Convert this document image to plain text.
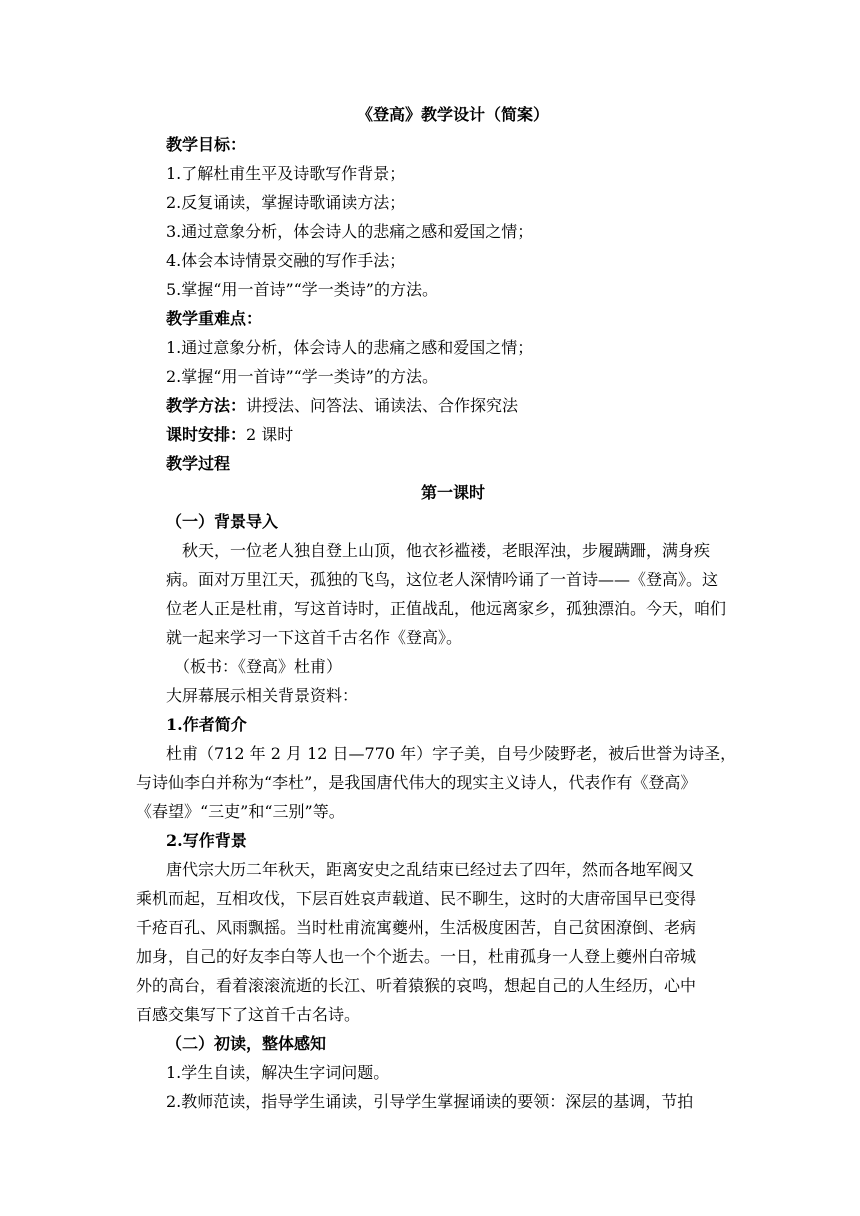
《登高》教学设计（简案）
教学目标：
1.了解杜甫生平及诗歌写作背景；
2.反复诵读，掌握诗歌诵读方法；
3.通过意象分析，体会诗人的悲痛之感和爱国之情；
4.体会本诗情景交融的写作手法；
5.掌握“用一首诗”“学一类诗”的方法。
教学重难点：
1.通过意象分析，体会诗人的悲痛之感和爱国之情；
2.掌握“用一首诗”“学一类诗”的方法。
教学方法：讲授法、问答法、诵读法、合作探究法
课时安排：2 课时
教学过程
第一课时
（一）背景导入
秋天，一位老人独自登上山顶，他衣衫褴褛，老眼浑浊，步履蹒跚，满身疾
病。面对万里江天，孤独的飞鸟，这位老人深情吟诵了一首诗——《登高》。这
位老人正是杜甫，写这首诗时，正值战乱，他远离家乡，孤独漂泊。今天，咱们
就一起来学习一下这首千古名作《登高》。
（板书：《登高》杜甫）
大屏幕展示相关背景资料：
1.作者简介
杜甫（712 年 2 月 12 日—770 年）字子美，自号少陵野老，被后世誉为诗圣，
与诗仙李白并称为“李杜”，是我国唐代伟大的现实主义诗人，代表作有《登高》
《春望》“三吏”和“三别”等。
2.写作背景
唐代宗大历二年秋天，距离安史之乱结束已经过去了四年，然而各地军阀又
乘机而起，互相攻伐，下层百姓哀声载道、民不聊生，这时的大唐帝国早已变得
千疮百孔、风雨飘摇。当时杜甫流寓夔州，生活极度困苦，自己贫困潦倒、老病
加身，自己的好友李白等人也一个个逝去。一日，杜甫孤身一人登上夔州白帝城
外的高台，看着滚滚流逝的长江、听着猿猴的哀鸣，想起自己的人生经历，心中
百感交集写下了这首千古名诗。
（二）初读，整体感知
1.学生自读，解决生字词问题。
2.教师范读，指导学生诵读，引导学生掌握诵读的要领：深层的基调，节拍
